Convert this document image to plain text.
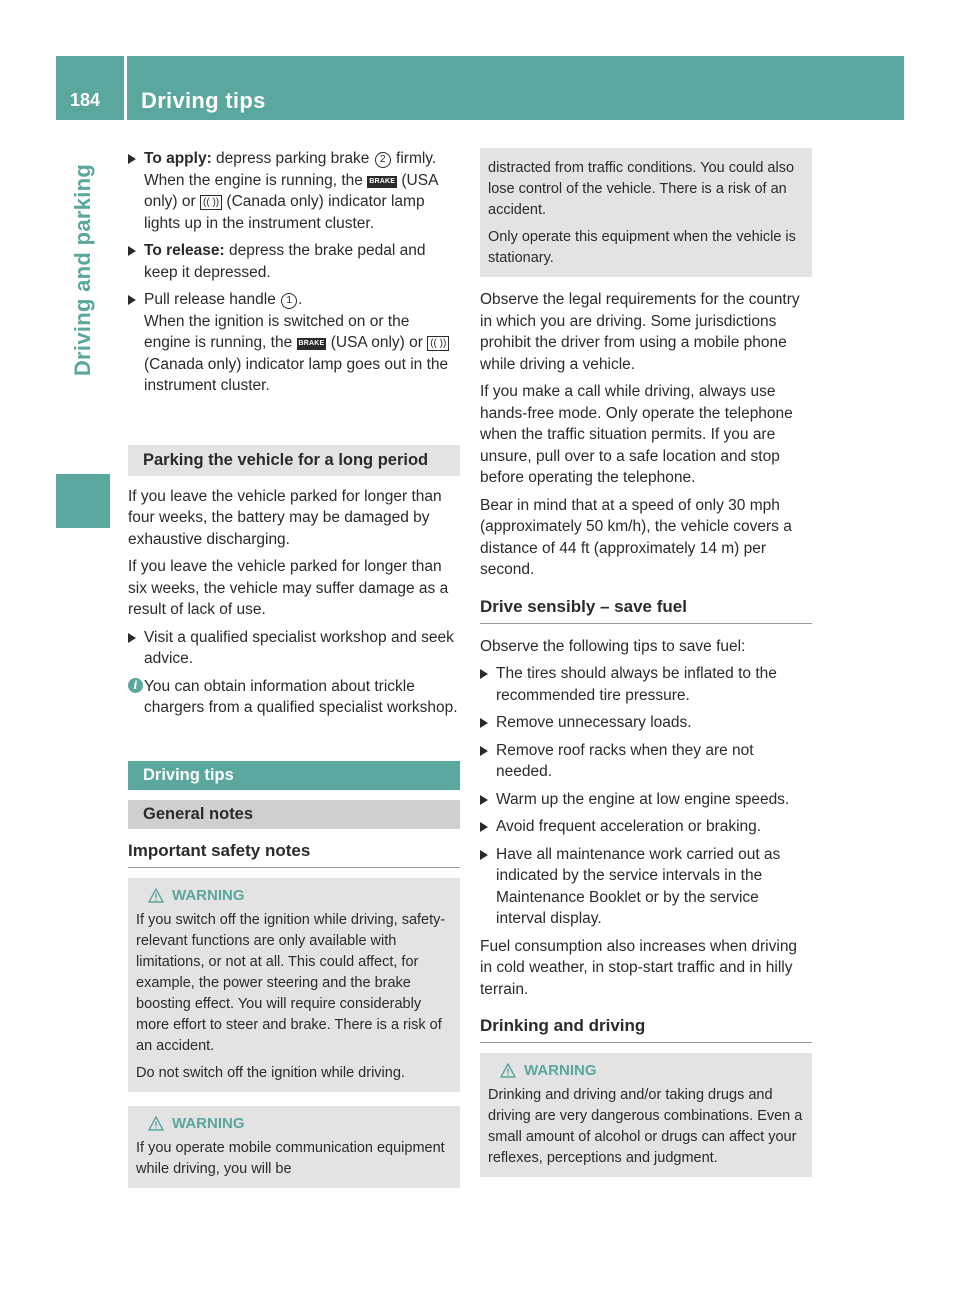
184 Driving tips
Driving and parking
To apply: depress parking brake 2 firmly.
When the engine is running, the BRAKE (USA only) or (( )) (Canada only) indicator lamp lights up in the instrument cluster.
To release: depress the brake pedal and keep it depressed.
Pull release handle 1 .
When the ignition is switched on or the engine is running, the BRAKE (USA only) or (( )) (Canada only) indicator lamp goes out in the instrument cluster.
Parking the vehicle for a long period

If you leave the vehicle parked for longer than four weeks, the battery may be damaged by exhaustive discharging.

If you leave the vehicle parked for longer than six weeks, the vehicle may suffer damage as a result of lack of use.

Visit a qualified specialist workshop and seek advice.
i You can obtain information about trickle chargers from a qualified specialist workshop.
Driving tips
General notes
Important safety notes
WARNING

If you switch off the ignition while driving, safety-relevant functions are only available with limitations, or not at all. This could affect, for example, the power steering and the brake boosting effect. You will require considerably more effort to steer and brake. There is a risk of an accident.

Do not switch off the ignition while driving.

WARNING

If you operate mobile communication equipment while driving, you will be

distracted from traffic conditions. You could also lose control of the vehicle. There is a risk of an accident.

Only operate this equipment when the vehicle is stationary.

Observe the legal requirements for the country in which you are driving. Some jurisdictions prohibit the driver from using a mobile phone while driving a vehicle.

If you make a call while driving, always use hands-free mode. Only operate the telephone when the traffic situation permits. If you are unsure, pull over to a safe location and stop before operating the telephone.

Bear in mind that at a speed of only 30 mph (approximately 50 km/h), the vehicle covers a distance of 44 ft (approximately 14 m) per second.

Drive sensibly – save fuel

Observe the following tips to save fuel:

The tires should always be inflated to the recommended tire pressure.
Remove unnecessary loads.
Remove roof racks when they are not needed.
Warm up the engine at low engine speeds.
Avoid frequent acceleration or braking.
Have all maintenance work carried out as indicated by the service intervals in the Maintenance Booklet or by the service interval display.

Fuel consumption also increases when driving in cold weather, in stop-start traffic and in hilly terrain.

Drinking and driving
WARNING

Drinking and driving and/or taking drugs and driving are very dangerous combinations. Even a small amount of alcohol or drugs can affect your reflexes, perceptions and judgment.
